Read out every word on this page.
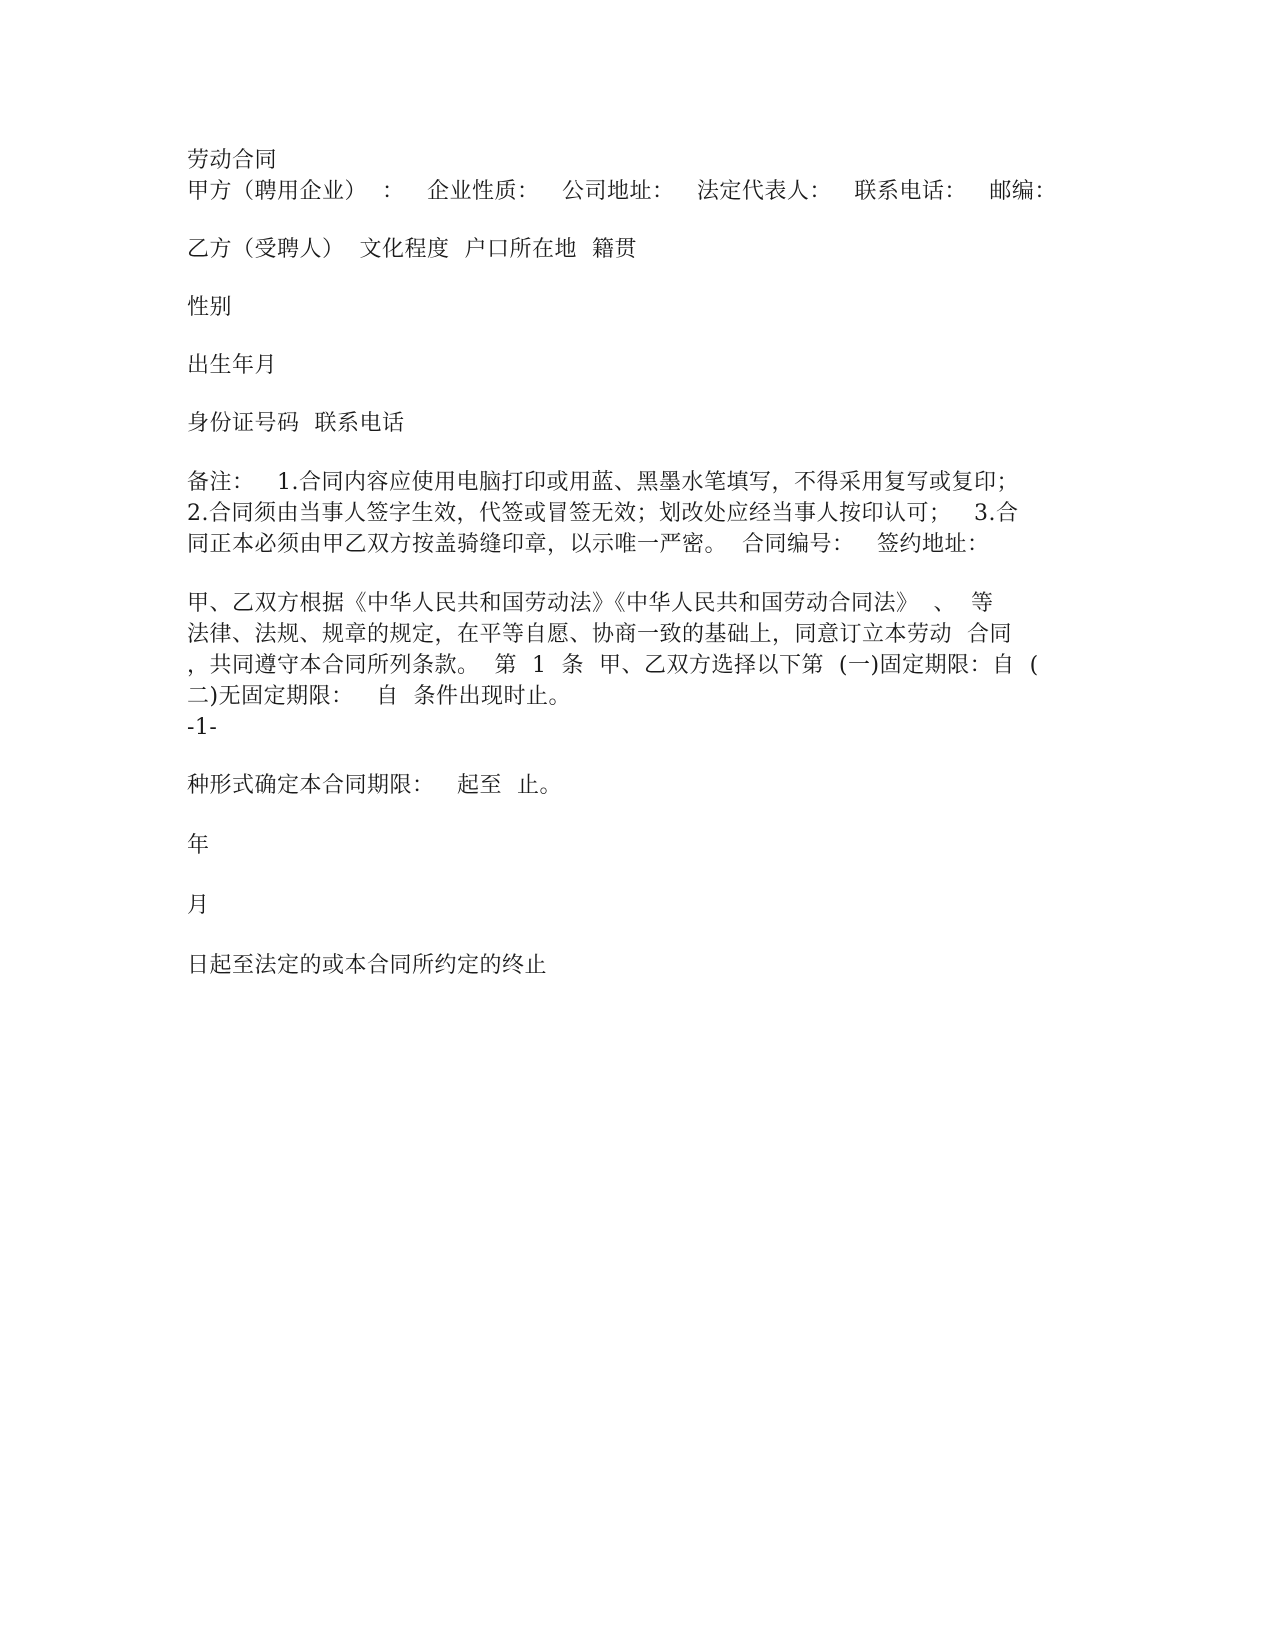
劳动合同
甲方（聘用企业）  ：   企业性质：   公司地址：   法定代表人：   联系电话：   邮编：
乙方（受聘人）  文化程度  户口所在地  籍贯
性别
出生年月
身份证号码  联系电话
备注：   1.合同内容应使用电脑打印或用蓝、黑墨水笔填写，不得采用复写或复印；
2.合同须由当事人签字生效，代签或冒签无效；划改处应经当事人按印认可；   3.合
同正本必须由甲乙双方按盖骑缝印章，以示唯一严密。  合同编号：   签约地址：
甲、乙双方根据《中华人民共和国劳动法》《中华人民共和国劳动合同法》  、  等
法律、法规、规章的规定，在平等自愿、协商一致的基础上，同意订立本劳动  合同
，共同遵守本合同所列条款。  第  1  条  甲、乙双方选择以下第  (一)固定期限：自  (
二)无固定期限：   自  条件出现时止。
-1-
种形式确定本合同期限：   起至  止。
年
月
日起至法定的或本合同所约定的终止
